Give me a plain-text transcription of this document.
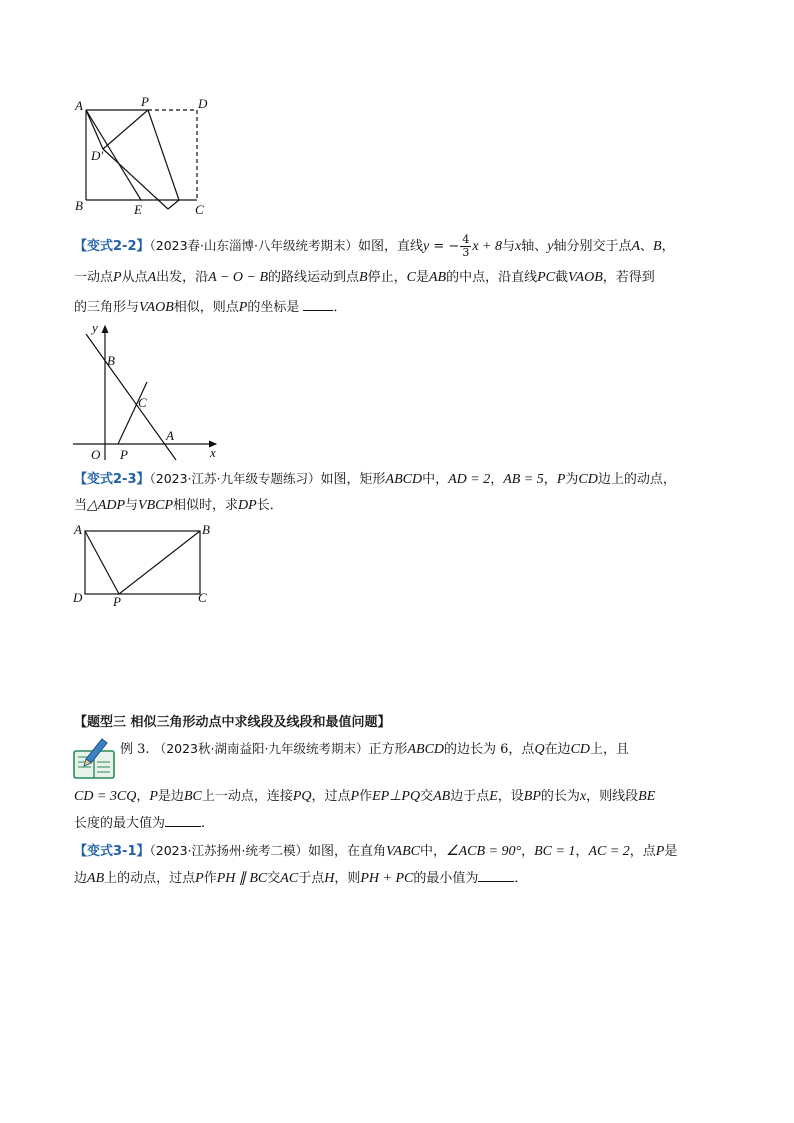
A	P	D
D′
B	E	C
【变式2-2】（2023春·山东淄博·八年级统考期末）如图，直线y = − $\frac{4}{3}$ x + 8与x轴、y轴分别交于点A、B，
一动点P从点A出发，沿A − O − B的路线运动到点B停止，C是AB的中点，沿直线PC截VAOB，若得到
的三角形与VAOB相似，则点P的坐标是	．
y
B
C
A
O P	x
【变式2-3】（2023·江苏·九年级专题练习）如图，矩形ABCD中，AD = 2，AB = 5，P为CD边上的动点，
当△ADP与VBCP相似时，求DP长．
A	B
D P	C
【题型三 相似三角形动点中求线段及线段和最值问题】
例 3. （2023秋·湖南益阳·九年级统考期末）正方形ABCD的边长为 6，点Q在边CD上，且
CD = 3CQ，P是边BC上一动点，连接PQ，过点P作EP⊥PQ交AB边于点E，设BP的长为x，则线段BE
长度的最大值为	.
【变式3-1】（2023·江苏扬州·统考二模）如图，在直角VABC中，∠ACB = 90°，BC = 1，AC = 2，点P是
边AB上的动点，过点P作PH ∥ BC交AC于点H，则PH + PC的最小值为	．
